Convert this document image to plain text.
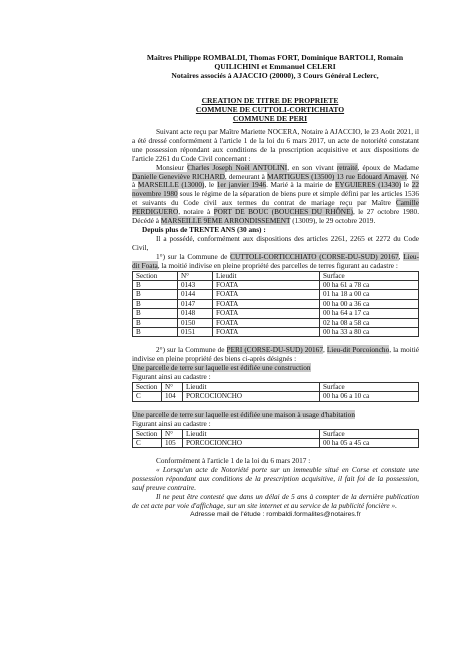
Maîtres Philippe ROMBALDI, Thomas FORT, Dominique BARTOLI, Romain
QUILICHINI et Emmanuel CELERI
Notaires associés à AJACCIO (20000), 3 Cours Général Leclerc,
CREATION DE TITRE DE PROPRIETE
COMMUNE DE CUTTOLI-CORTICHIATO
COMMUNE DE PERI

Suivant acte reçu par Maître Mariette NOCERA, Notaire à AJACCIO, le 23 Août 2021, il a été dressé conformément à l'article 1 de la loi du 6 mars 2017, un acte de notoriété constatant une possession répondant aux conditions de la prescription acquisitive et aux dispositions de l'article 2261 du Code Civil concernant :

Monsieur Charles Joseph Noël ANTOLINI, en son vivant retraité, époux de Madame Danielle Geneviève RICHARD, demeurant à MARTIGUES (13500) 13 rue Edouard Amavet. Né à MARSEILLE (13000), le 1er janvier 1946. Marié à la mairie de EYGUIERES (13430) le 22 novembre 1980 sous le régime de la séparation de biens pure et simple défini par les articles 1536 et suivants du Code civil aux termes du contrat de mariage reçu par Maître Camille PERDIGUERO, notaire à PORT DE BOUC (BOUCHES DU RHÔNE), le 27 octobre 1980. Décédé à MARSEILLE 9EME ARRONDISSEMENT (13009), le 29 octobre 2019.

Depuis plus de TRENTE ANS (30 ans) :

Il a possédé, conformément aux dispositions des articles 2261, 2265 et 2272 du Code Civil,

1°) sur la Commune de CUTTOLI-CORTICCHIATO (CORSE-DU-SUD) 20167, Lieu-dit Foata, la moitié indivise en pleine propriété des parcelles de terres figurant au cadastre :

Section	N°	Lieudit	Surface
B	0143	FOATA	00 ha 61 a 78 ca
B	0144	FOATA	01 ha 18 a 00 ca
B	0147	FOATA	00 ha 00 a 36 ca
B	0148	FOATA	00 ha 64 a 17 ca
B	0150	FOATA	02 ha 08 a 58 ca
B	0151	FOATA	00 ha 33 a 80 ca

2°) sur la Commune de PERI (CORSE-DU-SUD) 20167, Lieu-dit Porcoioncho, la moitié indivise en pleine propriété des biens ci-après désignés :

Une parcelle de terre sur laquelle est édifiée une construction

Figurant ainsi au cadastre :

Section	N°	Lieudit	Surface
C	104	PORCOCIONCHO	00 ha 06 a 10 ca

Une parcelle de terre sur laquelle est édifiée une maison à usage d'habitation

Figurant ainsi au cadastre :

Section	N°	Lieudit	Surface
C	105	PORCOCIONCHO	00 ha 05 a 45 ca

Conformément à l'article 1 de la loi du 6 mars 2017 :

« Lorsqu'un acte de Notoriété porte sur un immeuble situé en Corse et constate une possession répondant aux conditions de la prescription acquisitive, il fait foi de la possession, sauf preuve contraire.

Il ne peut être contesté que dans un délai de 5 ans à compter de la dernière publication de cet acte par voie d'affichage, sur un site internet et au service de la publicité foncière ».

Adresse mail de l'étude : rombaldi.formalites@notaires.fr
